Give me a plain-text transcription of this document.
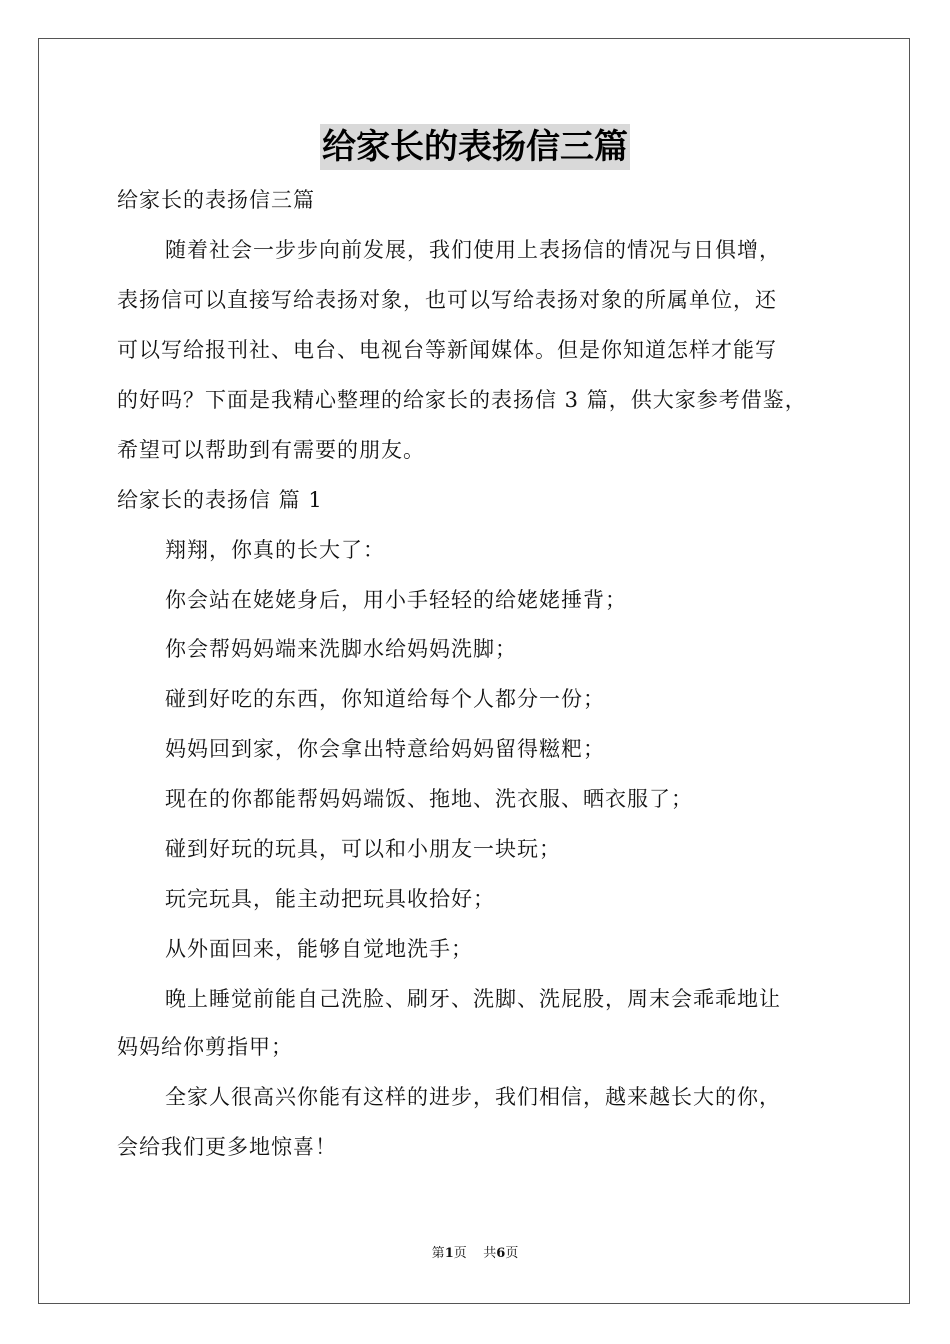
给家长的表扬信三篇
给家长的表扬信三篇
随着社会一步步向前发展，我们使用上表扬信的情况与日俱增，
表扬信可以直接写给表扬对象，也可以写给表扬对象的所属单位，还
可以写给报刊社、电台、电视台等新闻媒体。但是你知道怎样才能写
的好吗？下面是我精心整理的给家长的表扬信 3 篇，供大家参考借鉴，
希望可以帮助到有需要的朋友。
给家长的表扬信 篇 1
翔翔，你真的长大了：
你会站在姥姥身后，用小手轻轻的给姥姥捶背；
你会帮妈妈端来洗脚水给妈妈洗脚；
碰到好吃的东西，你知道给每个人都分一份；
妈妈回到家，你会拿出特意给妈妈留得糍粑；
现在的你都能帮妈妈端饭、拖地、洗衣服、晒衣服了；
碰到好玩的玩具，可以和小朋友一块玩；
玩完玩具，能主动把玩具收拾好；
从外面回来，能够自觉地洗手；
晚上睡觉前能自己洗脸、刷牙、洗脚、洗屁股，周末会乖乖地让
妈妈给你剪指甲；
全家人很高兴你能有这样的进步，我们相信，越来越长大的你，
会给我们更多地惊喜！
第1页    共6页
